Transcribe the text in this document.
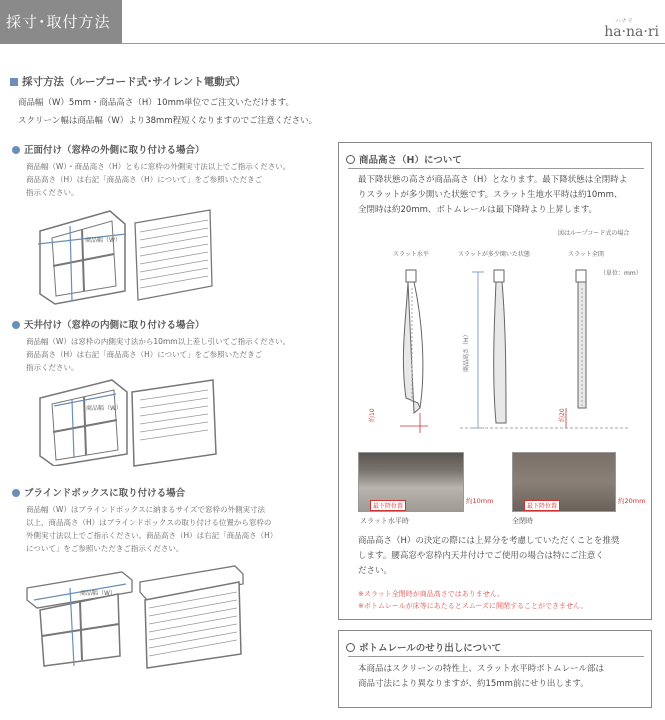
採寸･取付方法	ハナリ
ha·na·ri
採寸方法（ループコード式･サイレント電動式）
商品幅（W）5mm・商品高さ（H）10mm単位でご注文いただけます。
スクリーン幅は商品幅（W）より38mm程短くなりますのでご注意ください。
正面付け（窓枠の外側に取り付ける場合）
商品幅（W）・商品高さ（H）ともに窓枠の外側実寸法以上でご指示ください。商品高さ（H）は右記「商品高さ（H）について」をご参照いただきご
指示ください。
商品幅（W）
天井付け（窓枠の内側に取り付ける場合）
商品幅（W）は窓枠の内側実寸法から10mm以上差し引いてご指示ください。商品高さ（H）は右記「商品高さ（H）について」をご参照いただきご
指示ください。
商品幅（W）
ブラインドボックスに取り付ける場合
商品幅（W）はブラインドボックスに納まるサイズで窓枠の外側実寸法
以上、商品高さ（H）はブラインドボックスの取り付ける位置から窓枠の
外側実寸法以上でご指示ください。商品高さ（H）は右記「商品高さ（H）
について」をご参照いただきご指示ください。
商品幅（W）
商品高さ（H）について
最下降状態の高さが商品高さ（H）となります。最下降状態は全閉時よ
りスラットが多少開いた状態です。スラット生地水平時は約10mm、
全閉時は約20mm、ボトムレールは最下降時より上昇します。
図はループコード式の場合
スラット水平	スラットが多少開いた状態	スラット全閉
（単位：mm）
約10
商品高さ（H）
約20
最下降位置
約10mm
スラット水平時
最下降位置
約20mm
全閉時
商品高さ（H）の決定の際には上昇分を考慮していただくことを推奨
します。腰高窓や窓枠内天井付けでご使用の場合は特にご注意く
ださい。
※スラット全閉時が商品高さではありません。
※ボトムレールが床等にあたるとスムーズに開閉することができません。
ボトムレールのせり出しについて
本商品はスクリーンの特性上、スラット水平時ボトムレール部は
商品寸法により異なりますが、約15mm前にせり出します。
